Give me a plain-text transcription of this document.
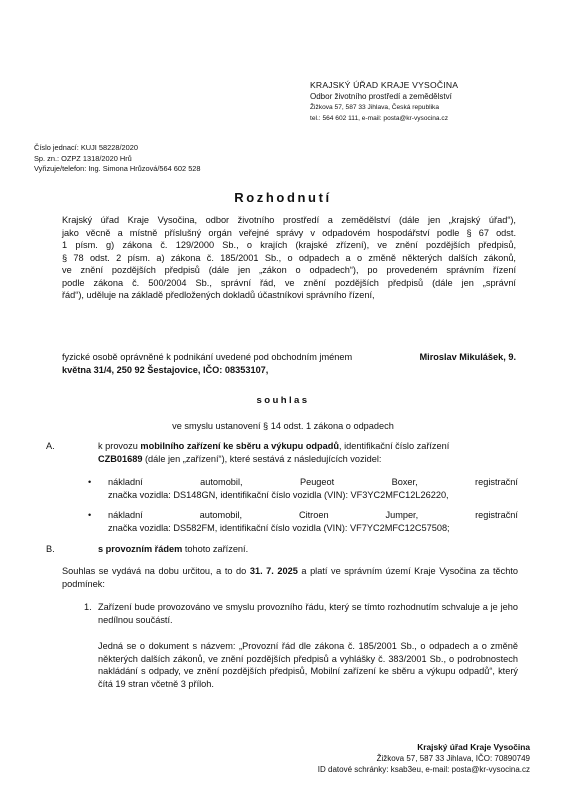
KRAJSKÝ ÚŘAD KRAJE VYSOČINA
Odbor životního prostředí a zemědělství
Žižkova 57, 587 33 Jihlava, Česká republika
tel.: 564 602 111, e-mail: posta@kr-vysocina.cz
Číslo jednací: KUJI 58228/2020
Sp. zn.: OZPZ 1318/2020 Hrů
Vyřizuje/telefon: Ing. Simona Hrůzová/564 602 528
Rozhodnutí
Krajský úřad Kraje Vysočina, odbor životního prostředí a zemědělství (dále jen „krajský úřad“),
jako věcně a místně příslušný orgán veřejné správy v odpadovém hospodářství podle § 67 odst.
1 písm. g) zákona č. 129/2000 Sb., o krajích (krajské zřízení), ve znění pozdějších předpisů,
§ 78 odst. 2 písm. a) zákona č. 185/2001 Sb., o odpadech a o změně některých dalších zákonů,
ve znění pozdějších předpisů (dále jen „zákon o odpadech“), po provedeném správním řízení
podle zákona č. 500/2004 Sb., správní řád, ve znění pozdějších předpisů (dále jen „správní
řád“), uděluje na základě předložených dokladů účastníkovi správního řízení,
fyzické osobě oprávněné k podnikání uvedené pod obchodním jménem	Miroslav Mikulášek, 9.
května 31/4, 250 92 Šestajovice, IČO: 08353107,
souhlas
ve smyslu ustanovení § 14 odst. 1 zákona o odpadech
A.	k provozu mobilního zařízení ke sběru a výkupu odpadů, identifikační číslo zařízení
CZB01689 (dále jen „zařízení“), které sestává z následujících vozidel:
• nákladní	automobil,	Peugeot	Boxer,	registrační
značka vozidla: DS148GN, identifikační číslo vozidla (VIN): VF3YC2MFC12L26220,
• nákladní	automobil,	Citroen	Jumper,	registrační
značka vozidla: DS582FM, identifikační číslo vozidla (VIN): VF7YC2MFC12C57508;
B.	s provozním řádem tohoto zařízení.
Souhlas se vydává na dobu určitou, a to do 31. 7. 2025 a platí ve správním území Kraje Vysočina za těchto podmínek:
1. Zařízení bude provozováno ve smyslu provozního řádu, který se tímto rozhodnutím schvaluje a je jeho nedílnou součástí.
Jedná se o dokument s názvem: „Provozní řád dle zákona č. 185/2001 Sb., o odpadech a o změně některých dalších zákonů, ve znění pozdějších předpisů a vyhlášky č. 383/2001 Sb., o podrobnostech nakládání s odpady, ve znění pozdějších předpisů, Mobilní zařízení ke sběru a výkupu odpadů“, který čítá 19 stran včetně 3 příloh.
Krajský úřad Kraje Vysočina
Žižkova 57, 587 33 Jihlava, IČO: 70890749
ID datové schránky: ksab3eu, e-mail: posta@kr-vysocina.cz
